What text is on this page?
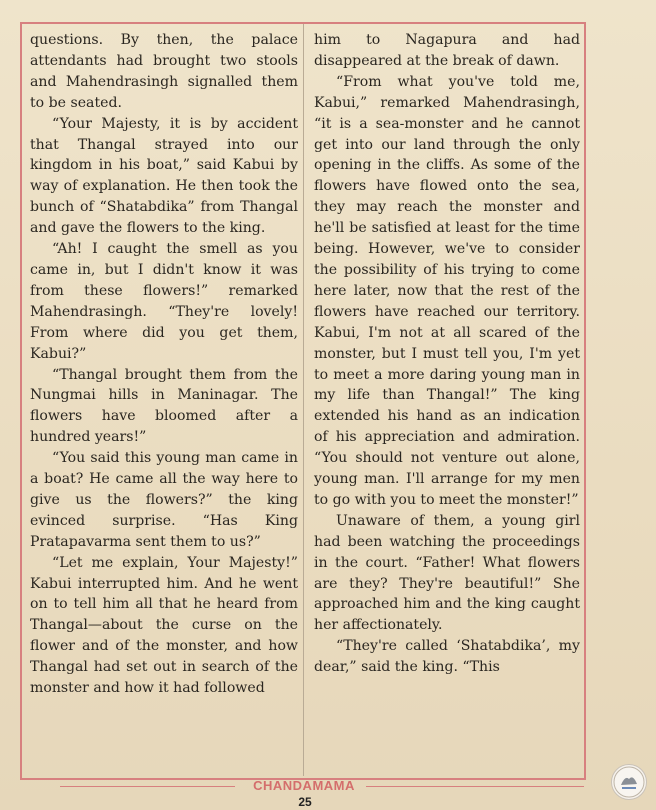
questions. By then, the palace attendants had brought two stools and Mahendrasingh signalled them to be seated.

“Your Majesty, it is by accident that Thangal strayed into our kingdom in his boat,” said Kabui by way of explanation. He then took the bunch of “Shatabdika” from Thangal and gave the flowers to the king.

“Ah! I caught the smell as you came in, but I didn't know it was from these flowers!” remarked Mahendrasingh. “They're lovely! From where did you get them, Kabui?”

“Thangal brought them from the Nungmai hills in Maninagar. The flowers have bloomed after a hundred years!”

“You said this young man came in a boat? He came all the way here to give us the flowers?” the king evinced surprise. “Has King Pratapavarma sent them to us?”

“Let me explain, Your Majesty!” Kabui interrupted him. And he went on to tell him all that he heard from Thangal—about the curse on the flower and of the monster, and how Thangal had set out in search of the monster and how it had followed

him to Nagapura and had disappeared at the break of dawn.

“From what you've told me, Kabui,” remarked Mahendrasingh, “it is a sea-monster and he cannot get into our land through the only opening in the cliffs. As some of the flowers have flowed onto the sea, they may reach the monster and he'll be satisfied at least for the time being. However, we've to consider the possibility of his trying to come here later, now that the rest of the flowers have reached our territory. Kabui, I'm not at all scared of the monster, but I must tell you, I'm yet to meet a more daring young man in my life than Thangal!” The king extended his hand as an indication of his appreciation and admiration. “You should not venture out alone, young man. I'll arrange for my men to go with you to meet the monster!”

Unaware of them, a young girl had been watching the proceedings in the court. “Father! What flowers are they? They're beautiful!” She approached him and the king caught her affectionately.

“They're called ‘Shatabdika’, my dear,” said the king. “This

CHANDAMAMA
25
